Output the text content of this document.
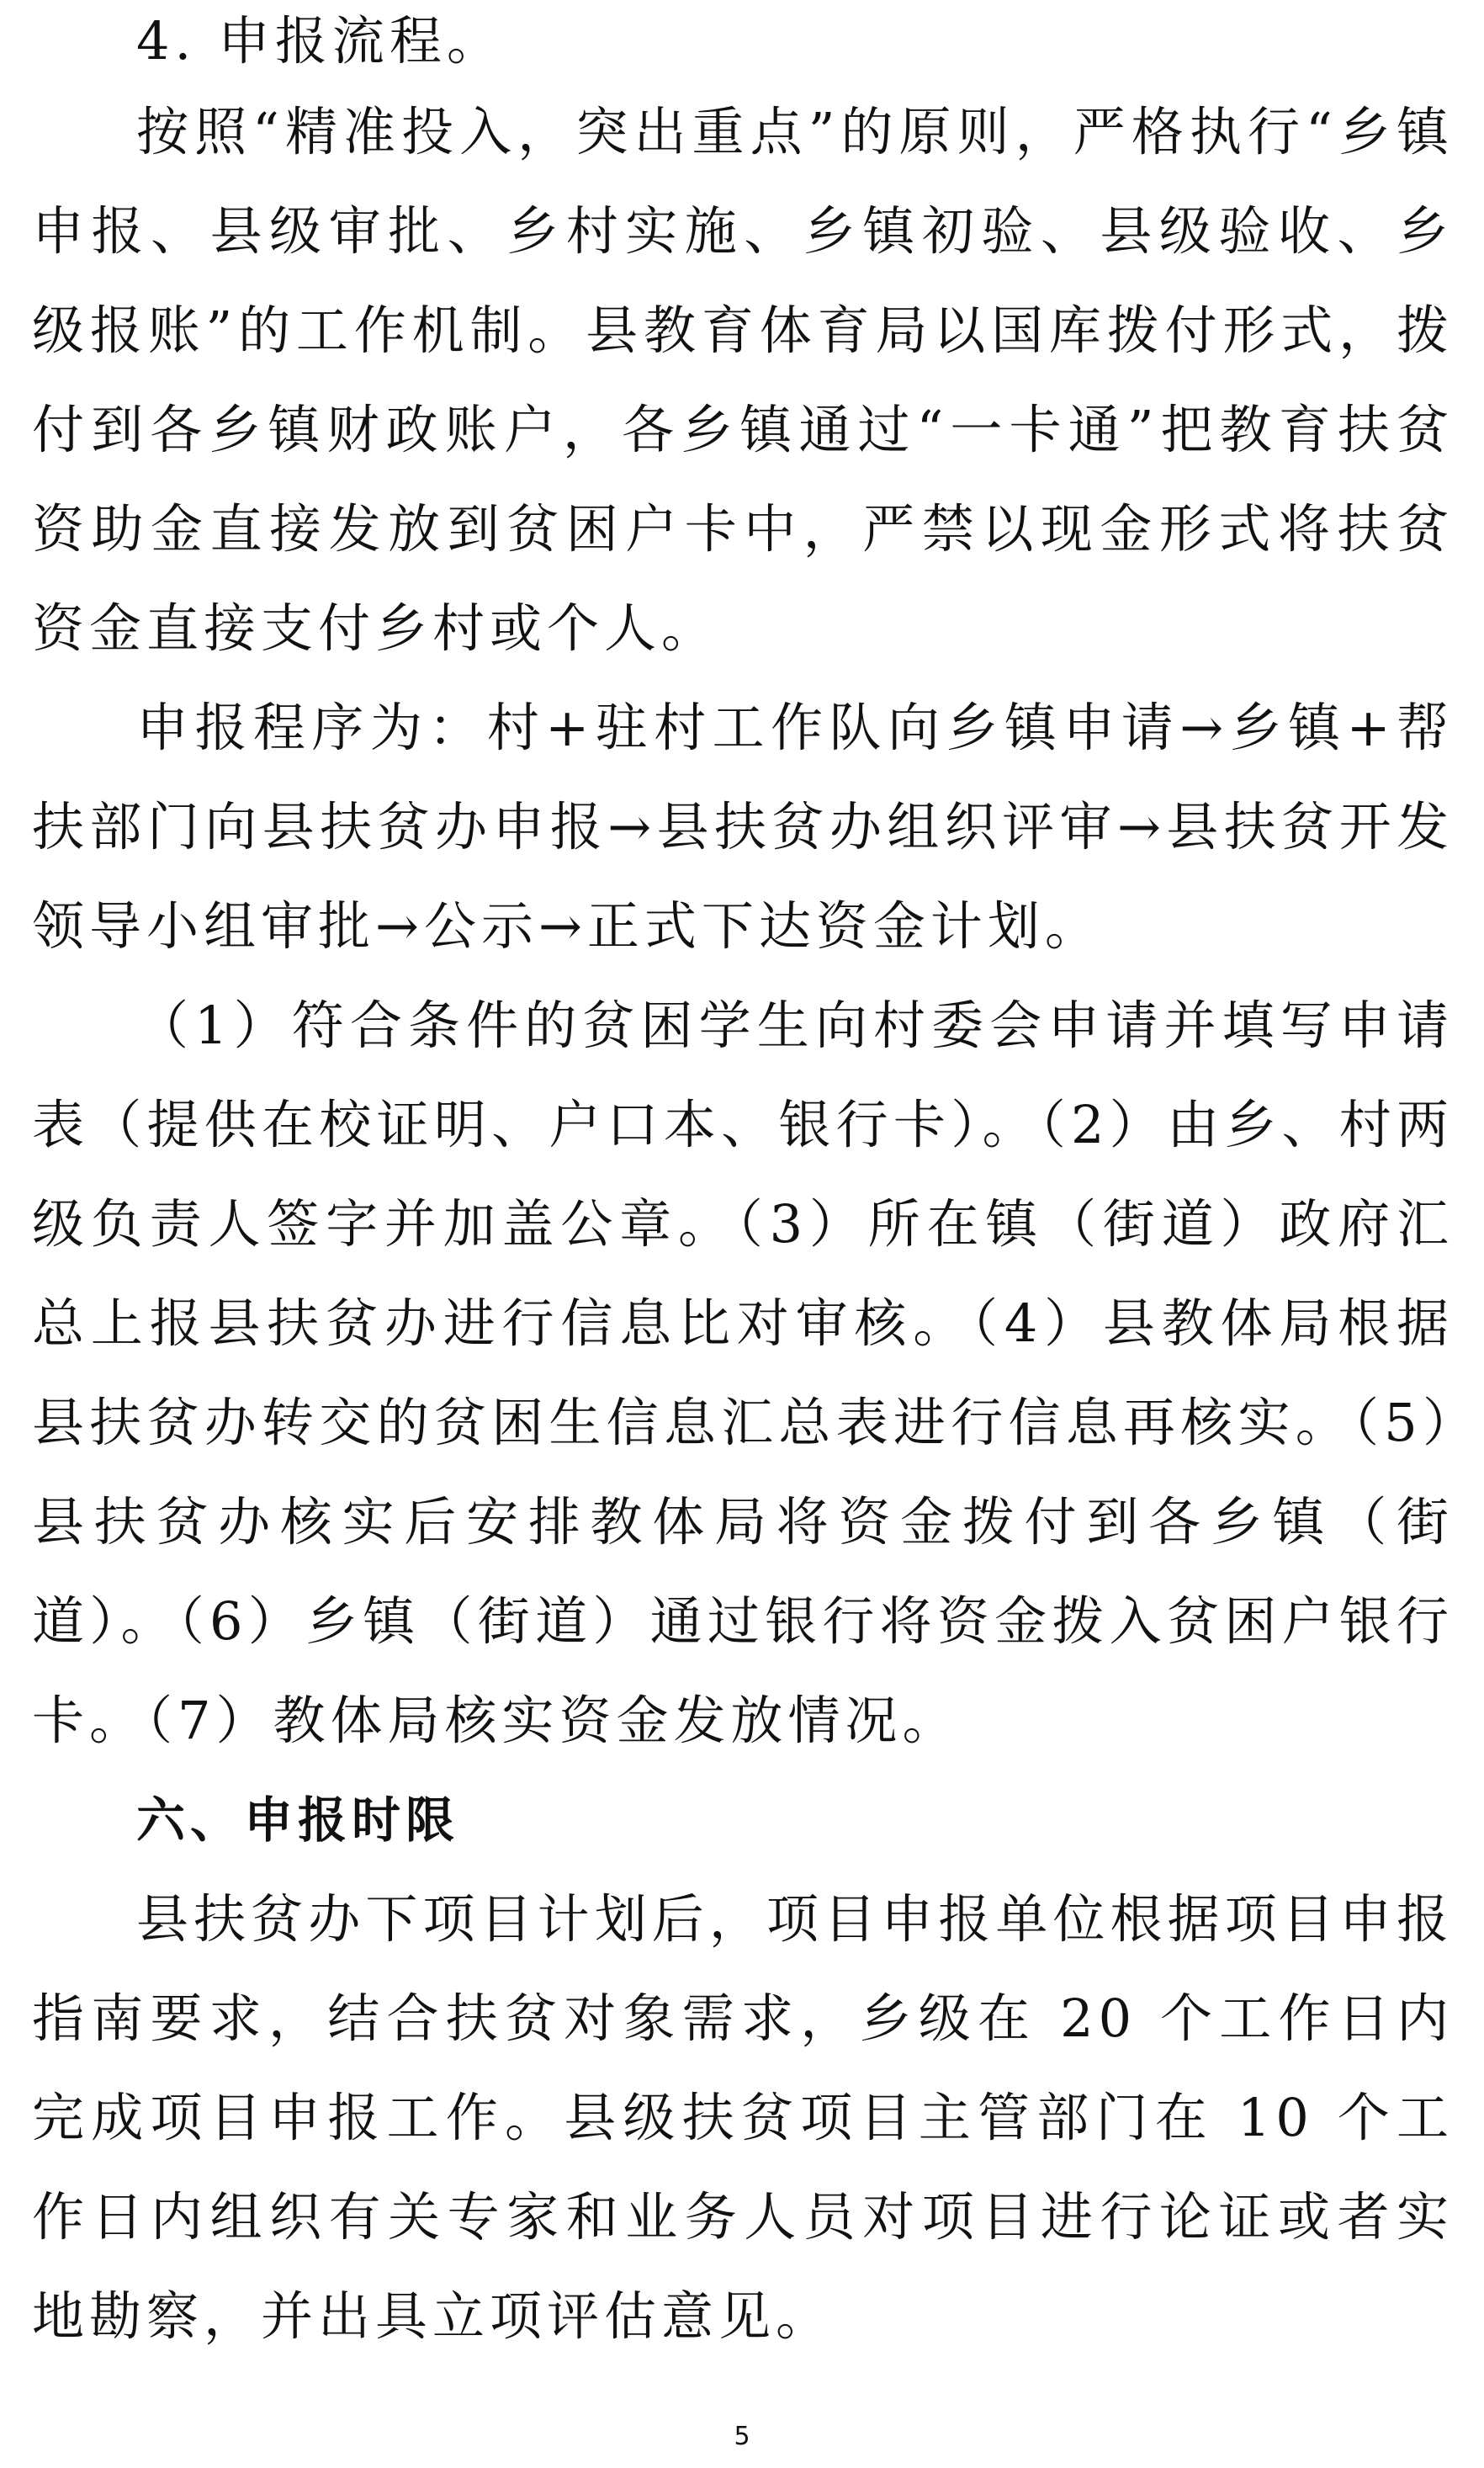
4. 申报流程。

按照“精准投入，突出重点”的原则，严格执行“乡镇申报、县级审批、乡村实施、乡镇初验、县级验收、乡级报账”的工作机制。县教育体育局以国库拨付形式，拨付到各乡镇财政账户，各乡镇通过“一卡通”把教育扶贫资助金直接发放到贫困户卡中，严禁以现金形式将扶贫资金直接支付乡村或个人。

申报程序为：村+驻村工作队向乡镇申请→乡镇+帮扶部门向县扶贫办申报→县扶贫办组织评审→县扶贫开发领导小组审批→公示→正式下达资金计划。

（1）符合条件的贫困学生向村委会申请并填写申请表（提供在校证明、户口本、银行卡）。（2）由乡、村两级负责人签字并加盖公章。（3）所在镇（街道）政府汇总上报县扶贫办进行信息比对审核。（4）县教体局根据县扶贫办转交的贫困生信息汇总表进行信息再核实。（5）县扶贫办核实后安排教体局将资金拨付到各乡镇（街道）。（6）乡镇（街道）通过银行将资金拨入贫困户银行卡。（7）教体局核实资金发放情况。

六、申报时限

县扶贫办下项目计划后，项目申报单位根据项目申报指南要求，结合扶贫对象需求，乡级在 20 个工作日内完成项目申报工作。县级扶贫项目主管部门在 10 个工作日内组织有关专家和业务人员对项目进行论证或者实地勘察，并出具立项评估意见。

5
